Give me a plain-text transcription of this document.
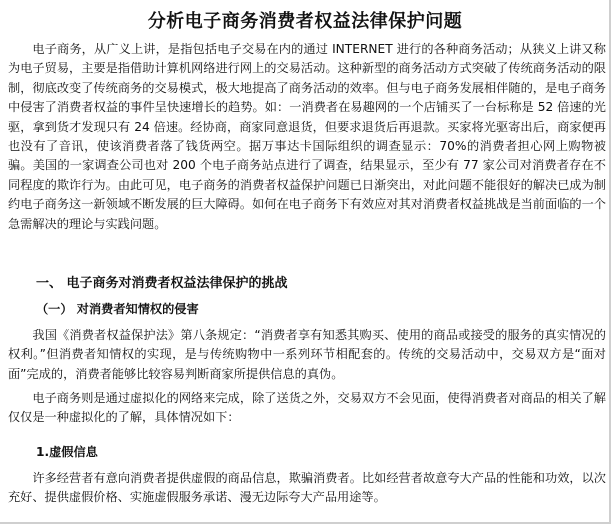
分析电子商务消费者权益法律保护问题

电子商务，从广义上讲，是指包括电子交易在内的通过 INTERNET 进行的各种商务活动；从狭义上讲又称为电子贸易，主要是指借助计算机网络进行网上的交易活动。这种新型的商务活动方式突破了传统商务活动的限制，彻底改变了传统商务的交易模式，极大地提高了商务活动的效率。但与电子商务发展相伴随的，是电子商务中侵害了消费者权益的事件呈快速增长的趋势。如：一消费者在易趣网的一个店铺买了一台标称是 52 倍速的光驱，拿到货才发现只有 24 倍速。经协商，商家同意退货，但要求退货后再退款。买家将光驱寄出后，商家便再也没有了音讯，使该消费者落了钱货两空。据万事达卡国际组织的调查显示：70%的消费者担心网上购物被骗。美国的一家调查公司也对 200 个电子商务站点进行了调查，结果显示，至少有 77 家公司对消费者存在不同程度的欺诈行为。由此可见，电子商务的消费者权益保护问题已日渐突出，对此问题不能很好的解决已成为制约电子商务这一新领域不断发展的巨大障碍。如何在电子商务下有效应对其对消费者权益挑战是当前面临的一个急需解决的理论与实践问题。

一、 电子商务对消费者权益法律保护的挑战
（一） 对消费者知情权的侵害

我国《消费者权益保护法》第八条规定：“消费者享有知悉其购买、使用的商品或接受的服务的真实情况的权利。”但消费者知情权的实现，是与传统购物中一系列环节相配套的。传统的交易活动中，交易双方是“面对面”完成的，消费者能够比较容易判断商家所提供信息的真伪。

电子商务则是通过虚拟化的网络来完成，除了送货之外，交易双方不会见面，使得消费者对商品的相关了解仅仅是一种虚拟化的了解，具体情况如下：

1.虚假信息

许多经营者有意向消费者提供虚假的商品信息，欺骗消费者。比如经营者故意夸大产品的性能和功效，以次充好、提供虚假价格、实施虚假服务承诺、漫无边际夸大产品用途等。
